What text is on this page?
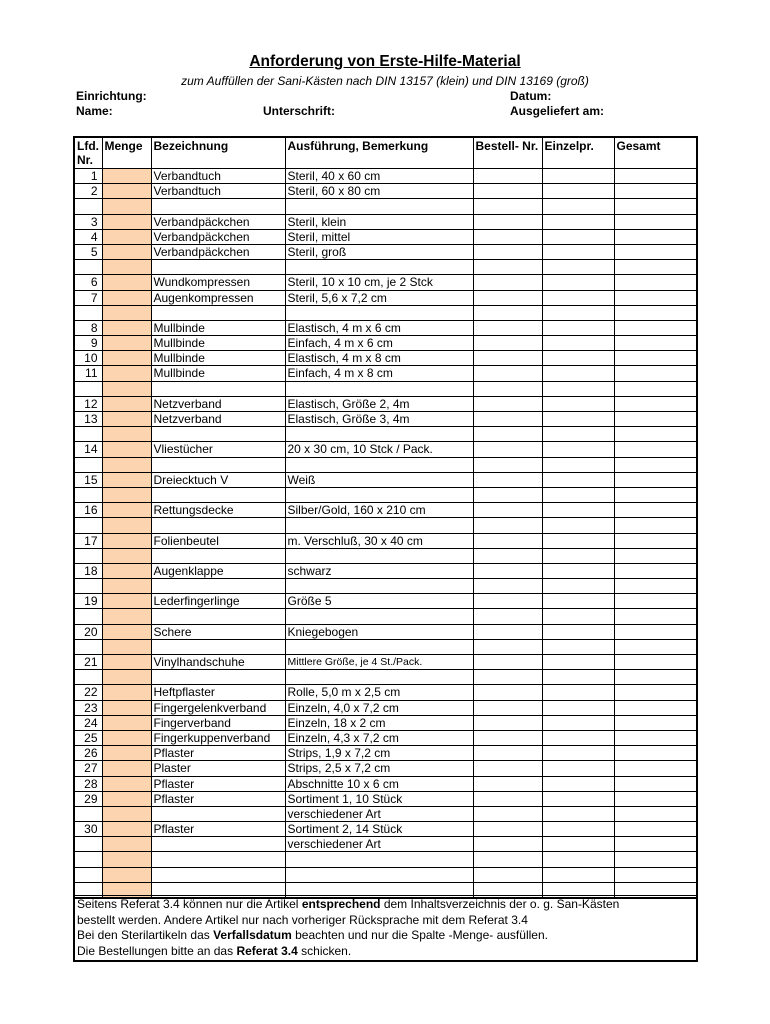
Anforderung von Erste-Hilfe-Material
zum Auffüllen der Sani-Kästen nach DIN 13157 (klein) und DIN 13169 (groß)
Einrichtung:	Datum:
Name:	Unterschrift:	Ausgeliefert am:
Lfd. Nr.	Menge	Bezeichnung	Ausführung, Bemerkung	Bestell- Nr.	Einzelpr.	Gesamt
1		Verbandtuch	Steril, 40 x 60 cm			
2		Verbandtuch	Steril, 60 x 80 cm			

3		Verbandpäckchen	Steril, klein			
4		Verbandpäckchen	Steril, mittel			
5		Verbandpäckchen	Steril, groß			

6		Wundkompressen	Steril, 10 x 10 cm, je 2 Stck			
7		Augenkompressen	Steril, 5,6 x 7,2 cm			

8		Mullbinde	Elastisch, 4 m x 6 cm			
9		Mullbinde	Einfach, 4 m x 6 cm			
10		Mullbinde	Elastisch, 4 m x 8 cm			
11		Mullbinde	Einfach, 4 m x 8 cm			

12		Netzverband	Elastisch, Größe 2, 4m			
13		Netzverband	Elastisch, Größe 3, 4m			

14		Vliestücher	20 x 30 cm, 10 Stck / Pack.			

15		Dreiecktuch V	Weiß			

16		Rettungsdecke	Silber/Gold, 160 x 210 cm			

17		Folienbeutel	m. Verschluß, 30 x 40 cm			

18		Augenklappe	schwarz			

19		Lederfingerlinge	Größe 5			

20		Schere	Kniegebogen			

21		Vinylhandschuhe	Mittlere Größe, je 4 St./Pack.			

22		Heftpflaster	Rolle, 5,0 m x 2,5 cm			
23		Fingergelenkverband	Einzeln, 4,0 x 7,2 cm			
24		Fingerverband	Einzeln, 18 x 2 cm			
25		Fingerkuppenverband	Einzeln, 4,3 x 7,2 cm			
26		Pflaster	Strips, 1,9 x 7,2 cm			
27		Plaster	Strips, 2,5 x 7,2 cm			
28		Pflaster	Abschnitte 10 x 6 cm			
29		Pflaster	Sortiment 1, 10 Stück			
			verschiedener Art			
30		Pflaster	Sortiment 2, 14 Stück			
			verschiedener Art			

Seitens Referat 3.4 können nur die Artikel entsprechend dem Inhaltsverzeichnis der o. g. San-Kästen
bestellt werden. Andere Artikel nur nach vorheriger Rücksprache mit dem Referat 3.4
Bei den Sterilartikeln das Verfallsdatum beachten und nur die Spalte -Menge- ausfüllen.
Die Bestellungen bitte an das Referat 3.4 schicken.
